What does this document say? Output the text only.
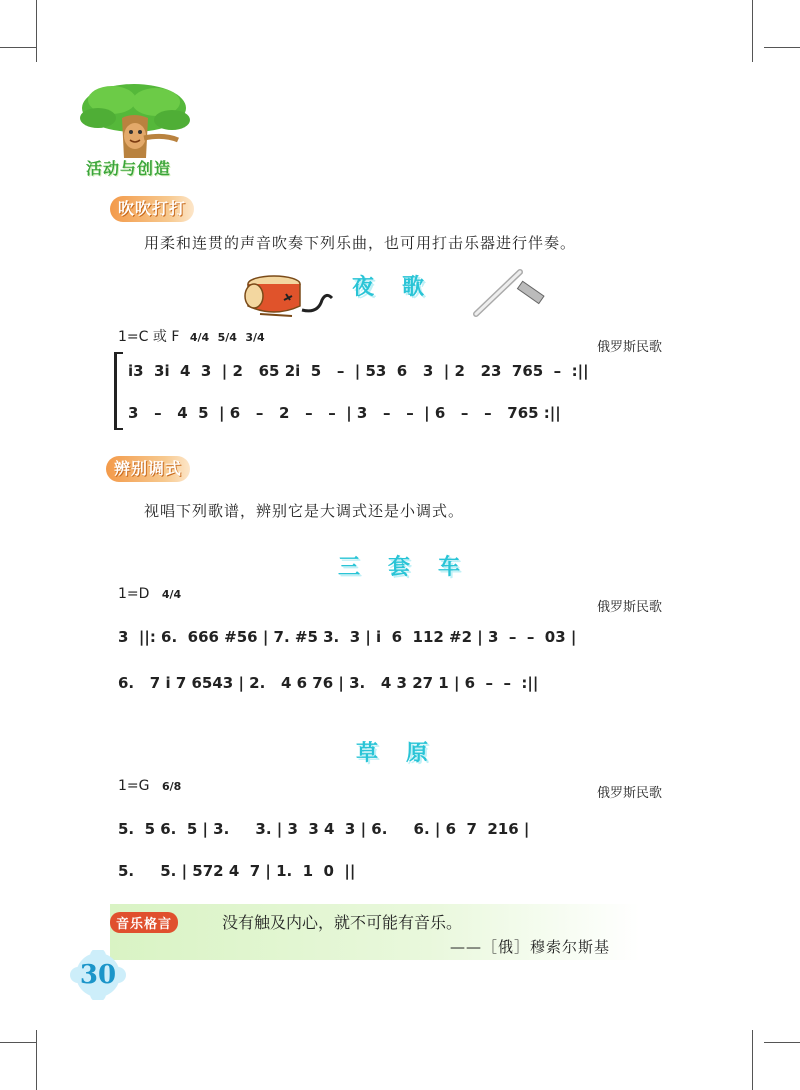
活动与创造
吹吹打打
用柔和连贯的声音吹奏下列乐曲，也可用打击乐器进行伴奏。
夜歌
1=C 或 F 4/4 5/4 3/4
俄罗斯民歌
i3  3i  4  3  | 2   65 2i  5   –  | 53  6   3  | 2   23  765  –  :||
3   –   4  5  | 6   –   2   –   –  | 3   –   –  | 6   –   –   765 :||
辨别调式
视唱下列歌谱，辨别它是大调式还是小调式。
三套车
1=D 4/4
俄罗斯民歌
3  ||: 6.  666 #56 | 7. #5 3.  3 | i  6  112 #2 | 3  –  –  03 |
6.   7 i 7 6543 | 2.   4 6 76 | 3.   4 3 27 1 | 6  –  –  :||
草原
1=G 6/8	俄罗斯民歌
5.  5 6.  5 | 3.     3. | 3  3 4  3 | 6.     6. | 6  7  216 |
5.     5. | 572 4  7 | 1.  1  0  ||
音乐格言	没有触及内心，就不可能有音乐。
——［俄］穆索尔斯基
30
